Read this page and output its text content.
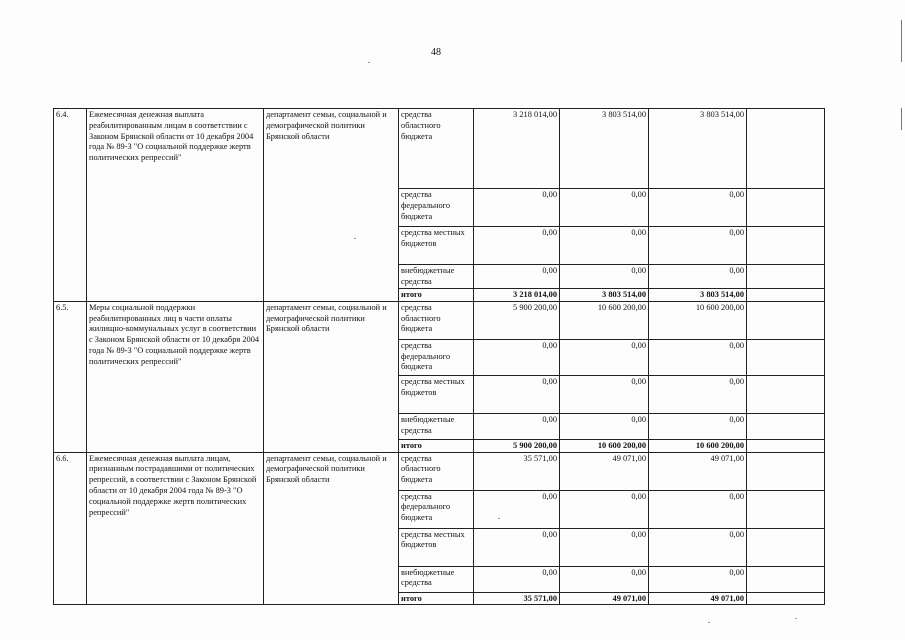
48
6.4.	Ежемесячная денежная выплата реабилитированным лицам в соответствии с Законом Брянской области от 10 декабря 2004 года № 89-З "О социальной поддержке жертв политических репрессий"	департамент семьи, социальной и демографической политики Брянской области	средства областного бюджета	3 218 014,00	3 803 514,00	3 803 514,00	
			средства федерального бюджета	0,00	0,00	0,00	
			средства местных бюджетов	0,00	0,00	0,00	
			внебюджетные средства	0,00	0,00	0,00	
			итого	3 218 014,00	3 803 514,00	3 803 514,00	
6.5.	Меры социальной поддержки реабилитированных лиц в части оплаты жилищно-коммунальных услуг в соответствии с Законом Брянской области от 10 декабря 2004 года № 89-З "О социальной поддержке жертв политических репрессий"	департамент семьи, социальной и демографической политики Брянской области	средства областного бюджета	5 900 200,00	10 600 200,00	10 600 200,00	
			средства федерального бюджета	0,00	0,00	0,00	
			средства местных бюджетов	0,00	0,00	0,00	
			внебюджетные средства	0,00	0,00	0,00	
			итого	5 900 200,00	10 600 200,00	10 600 200,00	
6.6.	Ежемесячная денежная выплата лицам, признанным пострадавшими от политических репрессий, в соответствии с Законом Брянской области от 10 декабря 2004 года № 89-З "О социальной поддержке жертв политических репрессий"	департамент семьи, социальной и демографической политики Брянской области	средства областного бюджета	35 571,00	49 071,00	49 071,00	
			средства федерального бюджета	0,00	0,00	0,00	
			средства местных бюджетов	0,00	0,00	0,00	
			внебюджетные средства	0,00	0,00	0,00	
			итого	35 571,00	49 071,00	49 071,00	
